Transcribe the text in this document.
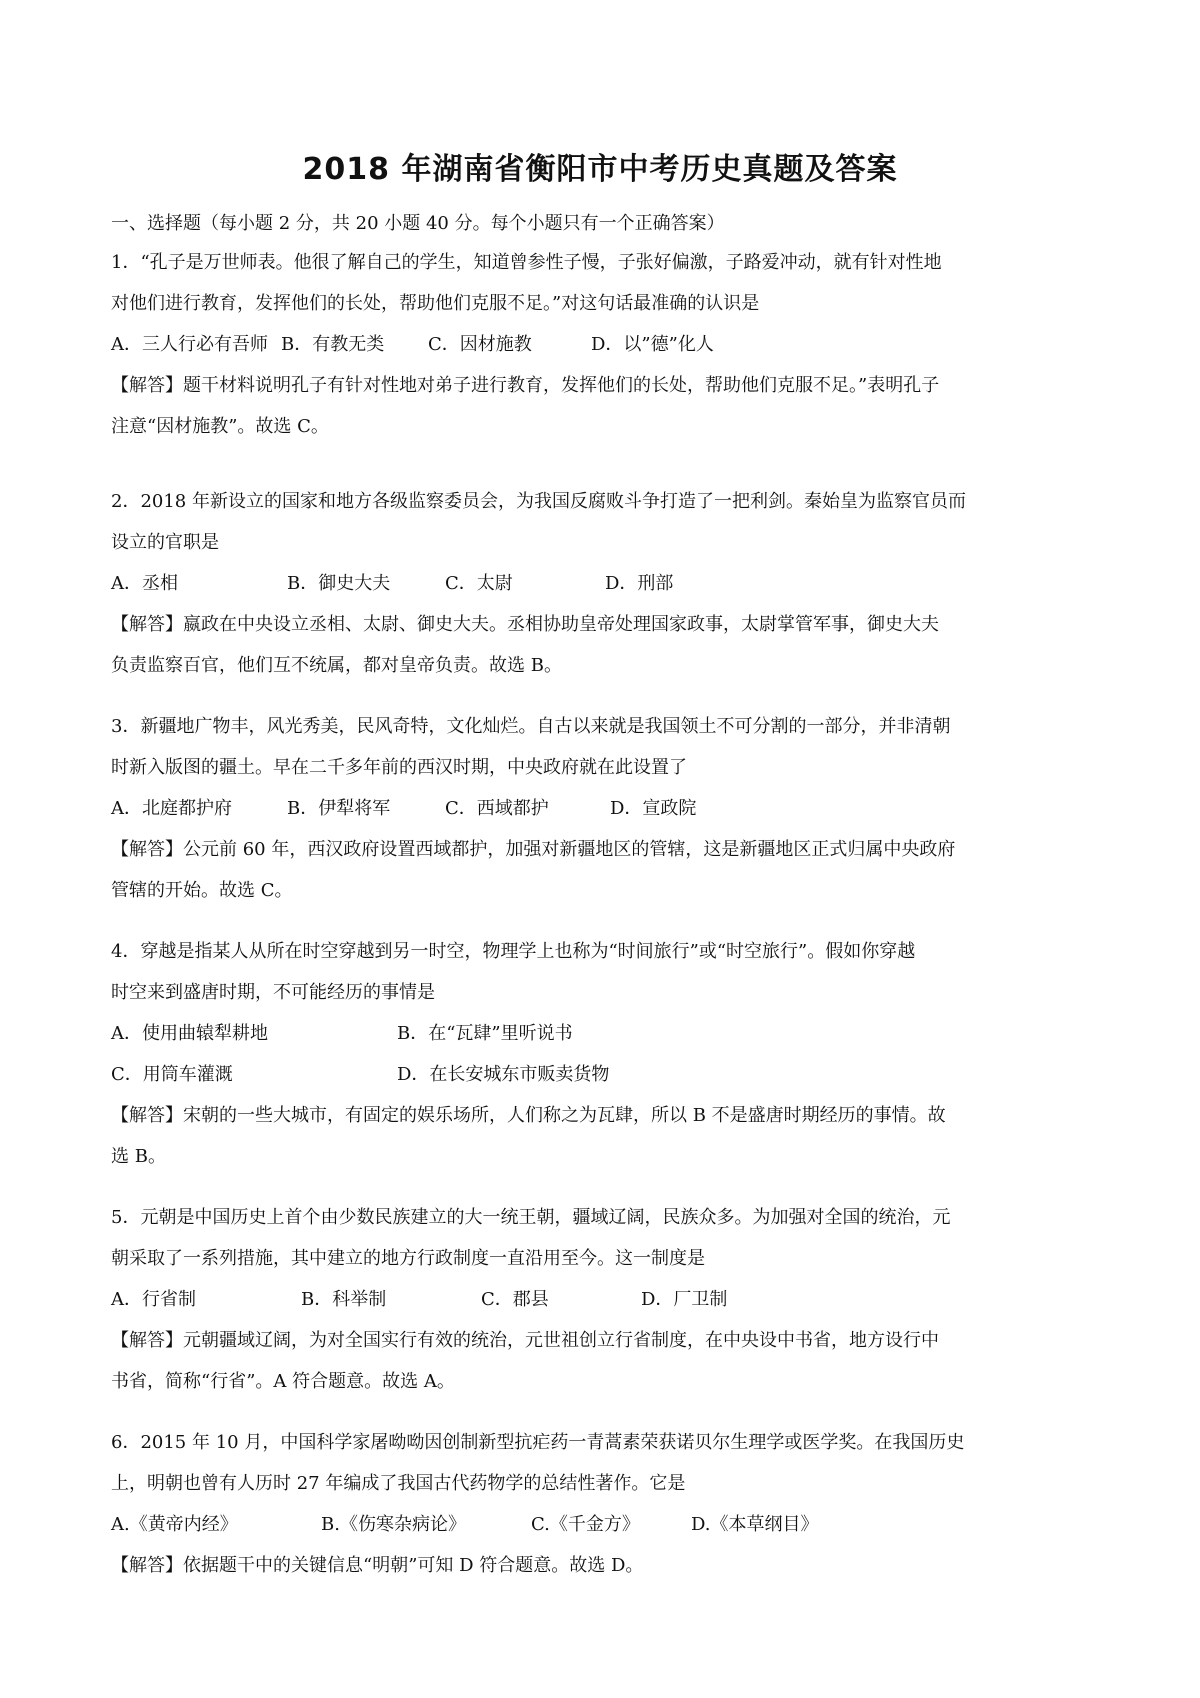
2018 年湖南省衡阳市中考历史真题及答案
一、选择题（每小题 2 分，共 20 小题 40 分。每个小题只有一个正确答案）
1．“孔子是万世师表。他很了解自己的学生，知道曾参性子慢，子张好偏激，子路爱冲动，就有针对性地
对他们进行教育，发挥他们的长处，帮助他们克服不足。”对这句话最准确的认识是
A．三人行必有吾师 B．有教无类	C．因材施教	D．以”德”化人
【解答】题干材料说明孔子有针对性地对弟子进行教育，发挥他们的长处，帮助他们克服不足。”表明孔子
注意“因材施教”。故选 C。
2．2018 年新设立的国家和地方各级监察委员会，为我国反腐败斗争打造了一把利剑。秦始皇为监察官员而
设立的官职是
A．丞相	B．御史大夫	C．太尉	D．刑部
【解答】嬴政在中央设立丞相、太尉、御史大夫。丞相协助皇帝处理国家政事，太尉掌管军事，御史大夫
负责监察百官，他们互不统属，都对皇帝负责。故选 B。
3．新疆地广物丰，风光秀美，民风奇特，文化灿烂。自古以来就是我国领土不可分割的一部分，并非清朝
时新入版图的疆土。早在二千多年前的西汉时期，中央政府就在此设置了
A．北庭都护府	B．伊犁将军	C．西域都护	D．宣政院
【解答】公元前 60 年，西汉政府设置西域都护，加强对新疆地区的管辖，这是新疆地区正式归属中央政府
管辖的开始。故选 C。
4．穿越是指某人从所在时空穿越到另一时空，物理学上也称为“时间旅行”或“时空旅行”。假如你穿越
时空来到盛唐时期，不可能经历的事情是
A．使用曲辕犁耕地	B．在“瓦肆”里听说书
C．用筒车灌溉	D．在长安城东市贩卖货物
【解答】宋朝的一些大城市，有固定的娱乐场所，人们称之为瓦肆，所以 B 不是盛唐时期经历的事情。故
选 B。
5．元朝是中国历史上首个由少数民族建立的大一统王朝，疆域辽阔，民族众多。为加强对全国的统治，元
朝采取了一系列措施，其中建立的地方行政制度一直沿用至今。这一制度是
A．行省制	B．科举制	C．郡县	D．厂卫制
【解答】元朝疆域辽阔，为对全国实行有效的统治，元世祖创立行省制度，在中央设中书省，地方设行中
书省，简称“行省”。A 符合题意。故选 A。
6．2015 年 10 月，中国科学家屠呦呦因创制新型抗疟药一青蒿素荣获诺贝尔生理学或医学奖。在我国历史
上，明朝也曾有人历时 27 年编成了我国古代药物学的总结性著作。它是
A.《黄帝内经》	B.《伤寒杂病论》	C.《千金方》	D.《本草纲目》
【解答】依据题干中的关键信息“明朝”可知 D 符合题意。故选 D。
